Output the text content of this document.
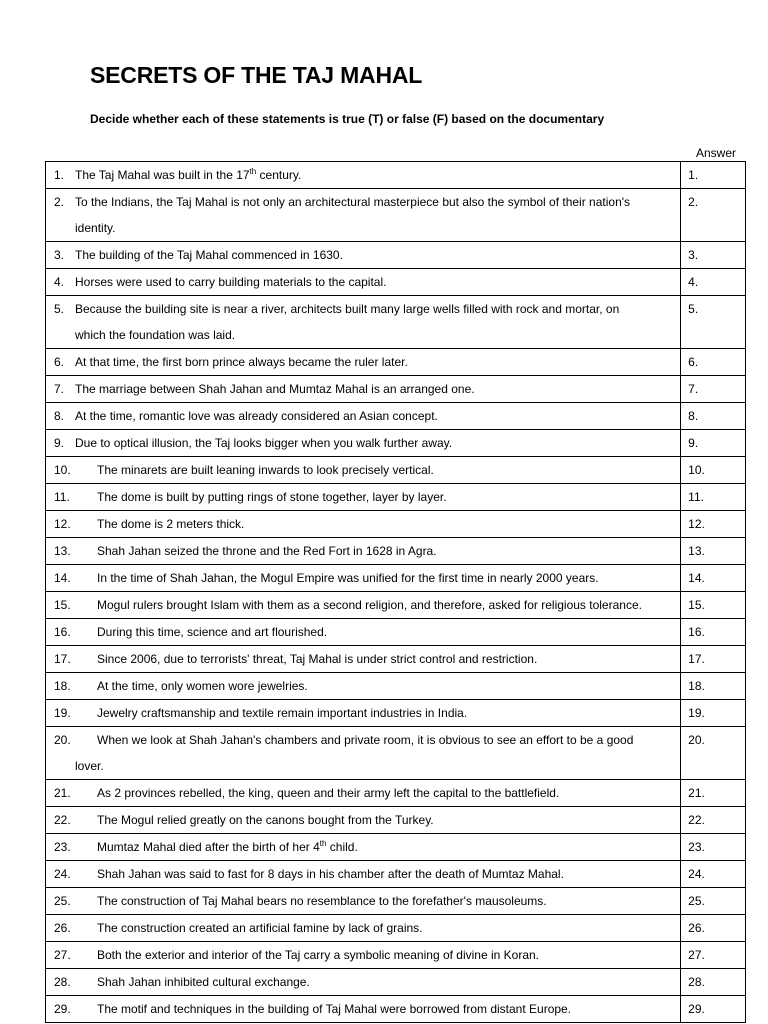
SECRETS OF THE TAJ MAHAL
Decide whether each of these statements is true (T) or false (F) based on the documentary
Answer
1. The Taj Mahal was built in the 17th century.	1.
2. To the Indians, the Taj Mahal is not only an architectural masterpiece but also the symbol of their nation's
identity.	2.
3. The building of the Taj Mahal commenced in 1630.	3.
4. Horses were used to carry building materials to the capital.	4.
5. Because the building site is near a river, architects built many large wells filled with rock and mortar, on
which the foundation was laid.	5.
6. At that time, the first born prince always became the ruler later.	6.
7. The marriage between Shah Jahan and Mumtaz Mahal is an arranged one.	7.
8. At the time, romantic love was already considered an Asian concept.	8.
9. Due to optical illusion, the Taj looks bigger when you walk further away.	9.
10. The minarets are built leaning inwards to look precisely vertical.	10.
11. The dome is built by putting rings of stone together, layer by layer.	11.
12. The dome is 2 meters thick.	12.
13. Shah Jahan seized the throne and the Red Fort in 1628 in Agra.	13.
14. In the time of Shah Jahan, the Mogul Empire was unified for the first time in nearly 2000 years.	14.
15. Mogul rulers brought Islam with them as a second religion, and therefore, asked for religious tolerance.	15.
16. During this time, science and art flourished.	16.
17. Since 2006, due to terrorists' threat, Taj Mahal is under strict control and restriction.	17.
18. At the time, only women wore jewelries.	18.
19. Jewelry craftsmanship and textile remain important industries in India.	19.
20. When we look at Shah Jahan's chambers and private room, it is obvious to see an effort to be a good
lover.	20.
21. As 2 provinces rebelled, the king, queen and their army left the capital to the battlefield.	21.
22. The Mogul relied greatly on the canons bought from the Turkey.	22.
23. Mumtaz Mahal died after the birth of her 4th child.	23.
24. Shah Jahan was said to fast for 8 days in his chamber after the death of Mumtaz Mahal.	24.
25. The construction of Taj Mahal bears no resemblance to the forefather's mausoleums.	25.
26. The construction created an artificial famine by lack of grains.	26.
27. Both the exterior and interior of the Taj carry a symbolic meaning of divine in Koran.	27.
28. Shah Jahan inhibited cultural exchange.	28.
29. The motif and techniques in the building of Taj Mahal were borrowed from distant Europe.	29.
